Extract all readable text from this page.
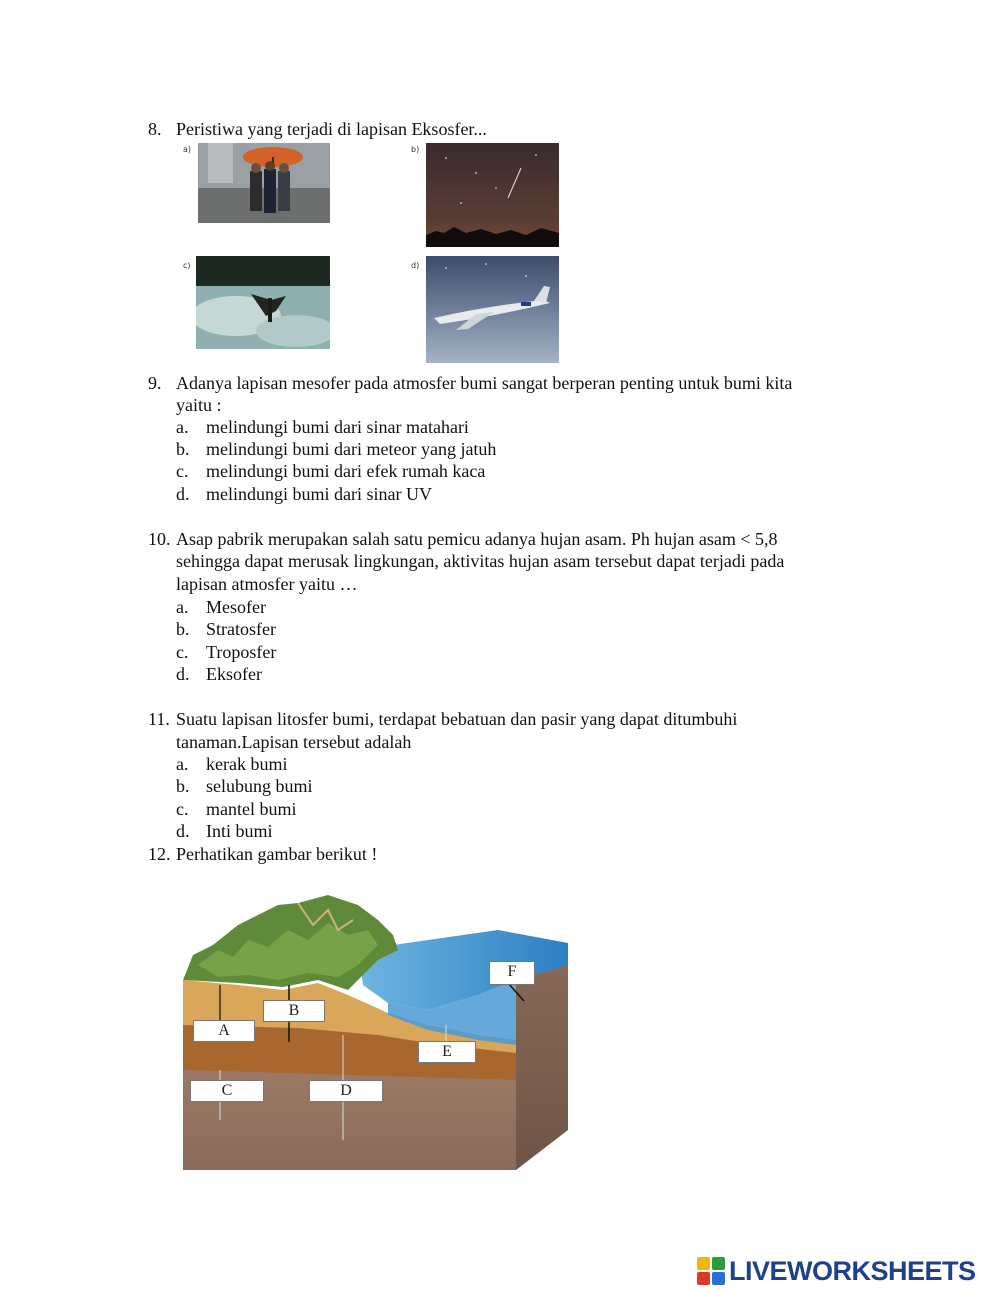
8. Peristiwa yang terjadi di lapisan Eksosfer...
a)	b)
c)	d)
9. Adanya lapisan mesofer pada atmosfer bumi sangat berperan penting untuk bumi kita
yaitu :
a. melindungi bumi dari sinar matahari
b. melindungi bumi dari meteor yang jatuh
c. melindungi bumi dari efek rumah kaca
d. melindungi bumi dari sinar UV
10. Asap pabrik merupakan salah satu pemicu adanya hujan asam. Ph hujan asam < 5,8
sehingga dapat merusak lingkungan, aktivitas hujan asam tersebut dapat terjadi pada
lapisan atmosfer yaitu …
a. Mesofer
b. Stratosfer
c. Troposfer
d. Eksofer
11. Suatu lapisan litosfer bumi, terdapat bebatuan dan pasir yang dapat ditumbuhi
tanaman.Lapisan tersebut adalah
a. kerak bumi
b. selubung bumi
c. mantel bumi
d. Inti bumi
12. Perhatikan gambar berikut !
A
B
C	D
E
F
LIVEWORKSHEETS
